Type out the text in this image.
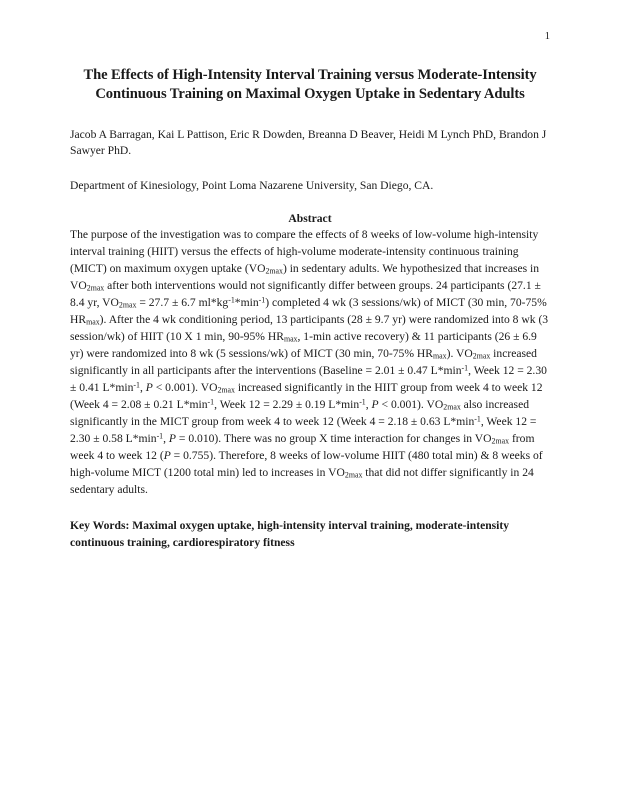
1
The Effects of High-Intensity Interval Training versus Moderate-Intensity Continuous Training on Maximal Oxygen Uptake in Sedentary Adults
Jacob A Barragan, Kai L Pattison, Eric R Dowden, Breanna D Beaver, Heidi M Lynch PhD, Brandon J Sawyer PhD.
Department of Kinesiology, Point Loma Nazarene University, San Diego, CA.
Abstract
The purpose of the investigation was to compare the effects of 8 weeks of low-volume high-intensity interval training (HIIT) versus the effects of high-volume moderate-intensity continuous training (MICT) on maximum oxygen uptake $(VO_{2max})$ in sedentary adults. We hypothesized that increases in $VO_{2max}$ after both interventions would not significantly differ between groups. 24 participants (27.1 ± 8.4 yr, $VO_{2max} = 27.7 \pm 6.7$ $ml*kg^{-1}*\min^{-1}$) completed 4 wk (3 sessions/wk) of MICT (30 min, 70-75% $HR_{max}$). After the 4 wk conditioning period, 13 participants (28 ± 9.7 yr) were randomized into 8 wk (3 session/wk) of HIIT (10 X 1 min, 90-95% $HR_{max}$, 1-min active recovery) & 11 participants (26 ± 6.9 yr) were randomized into 8 wk (5 sessions/wk) of MICT (30 min, 70-75% $HR_{max}$). $VO_{2max}$ increased significantly in all participants after the interventions (Baseline = 2.01 ± 0.47 $L*\min^{-1}$, Week 12 = 2.30 ± 0.41 $L*\min^{-1}$, P < 0.001). $VO_{2max}$ increased significantly in the HIIT group from week 4 to week 12 (Week 4 = 2.08 ± 0.21 $L*\min^{-1}$, Week 12 = 2.29 ± 0.19 $L*\min^{-1}$, P < 0.001). $VO_{2max}$ also increased significantly in the MICT group from week 4 to week 12 (Week 4 = 2.18 ± 0.63 $L*\min^{-1}$, Week 12 = 2.30 ± 0.58 $L*\min^{-1}$, P = 0.010). There was no group X time interaction for changes in $VO_{2max}$ from week 4 to week 12 (P = 0.755). Therefore, 8 weeks of low-volume HIIT (480 total min) & 8 weeks of high-volume MICT (1200 total min) led to increases in $VO_{2max}$ that did not differ significantly in 24 sedentary adults.
Key Words: Maximal oxygen uptake, high-intensity interval training, moderate-intensity continuous training, cardiorespiratory fitness
